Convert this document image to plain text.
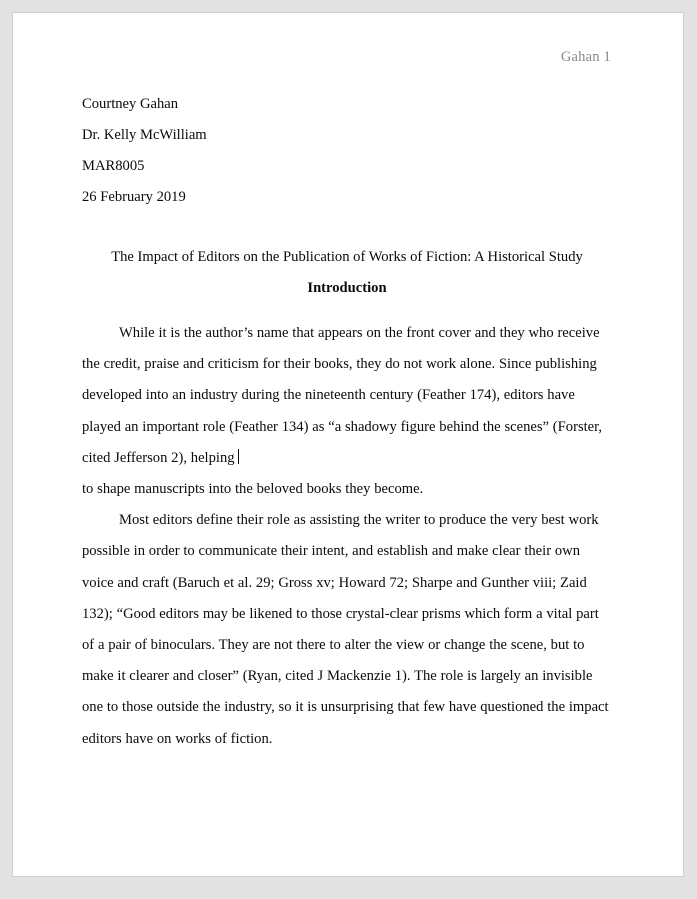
Gahan 1
Courtney Gahan
Dr. Kelly McWilliam
MAR8005
26 February 2019
The Impact of Editors on the Publication of Works of Fiction: A Historical Study
Introduction

While it is the author’s name that appears on the front cover and they who receive the credit, praise and criticism for their books, they do not work alone. Since publishing developed into an industry during the nineteenth century (Feather 174), editors have played an important role (Feather 134) as “a shadowy figure behind the scenes” (Forster, cited Jefferson 2), helping

to shape manuscripts into the beloved books they become.

Most editors define their role as assisting the writer to produce the very best work possible in order to communicate their intent, and establish and make clear their own voice and craft (Baruch et al. 29; Gross xv; Howard 72; Sharpe and Gunther viii; Zaid 132); “Good editors may be likened to those crystal-clear prisms which form a vital part of a pair of binoculars. They are not there to alter the view or change the scene, but to make it clearer and closer” (Ryan, cited J Mackenzie 1). The role is largely an invisible one to those outside the industry, so it is unsurprising that few have questioned the impact editors have on works of fiction.
